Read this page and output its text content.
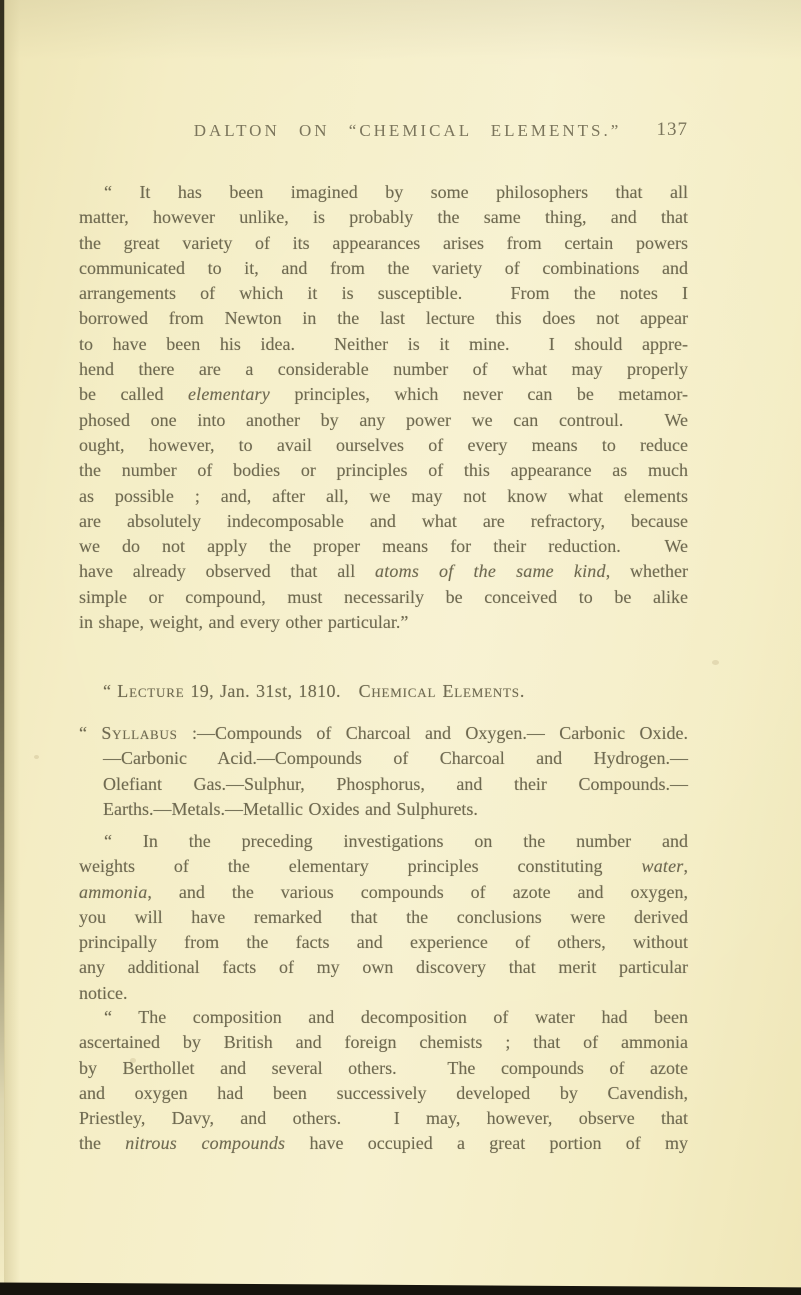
DALTON ON “CHEMICAL ELEMENTS.” 137
“ It has been imagined by some philosophers that all
matter, however unlike, is probably the same thing, and that
the great variety of its appearances arises from certain powers
communicated to it, and from the variety of combinations and
arrangements of which it is susceptible.  From the notes I
borrowed from Newton in the last lecture this does not appear
to have been his idea.  Neither is it mine.  I should appre-
hend there are a considerable number of what may properly
be called elementary principles, which never can be metamor-
phosed one into another by any power we can controul.  We
ought, however, to avail ourselves of every means to reduce
the number of bodies or principles of this appearance as much
as possible ; and, after all, we may not know what elements
are absolutely indecomposable and what are refractory, because
we do not apply the proper means for their reduction.  We
have already observed that all atoms of the same kind, whether
simple or compound, must necessarily be conceived to be alike
in shape, weight, and every other particular.”
“ Lecture 19, Jan. 31st, 1810.   Chemical Elements.
“ Syllabus :—Compounds of Charcoal and Oxygen.— Carbonic Oxide.
—Carbonic Acid.—Compounds of Charcoal and Hydrogen.—
Olefiant Gas.—Sulphur, Phosphorus, and their Compounds.—
Earths.—Metals.—Metallic Oxides and Sulphurets.
“ In the preceding investigations on the number and
weights of the elementary principles constituting water,
ammonia, and the various compounds of azote and oxygen,
you will have remarked that the conclusions were derived
principally from the facts and experience of others, without
any additional facts of my own discovery that merit particular
notice.
“ The composition and decomposition of water had been
ascertained by British and foreign chemists ; that of ammonia
by Berthollet and several others.  The compounds of azote
and oxygen had been successively developed by Cavendish,
Priestley, Davy, and others.  I may, however, observe that
the nitrous compounds have occupied a great portion of my
